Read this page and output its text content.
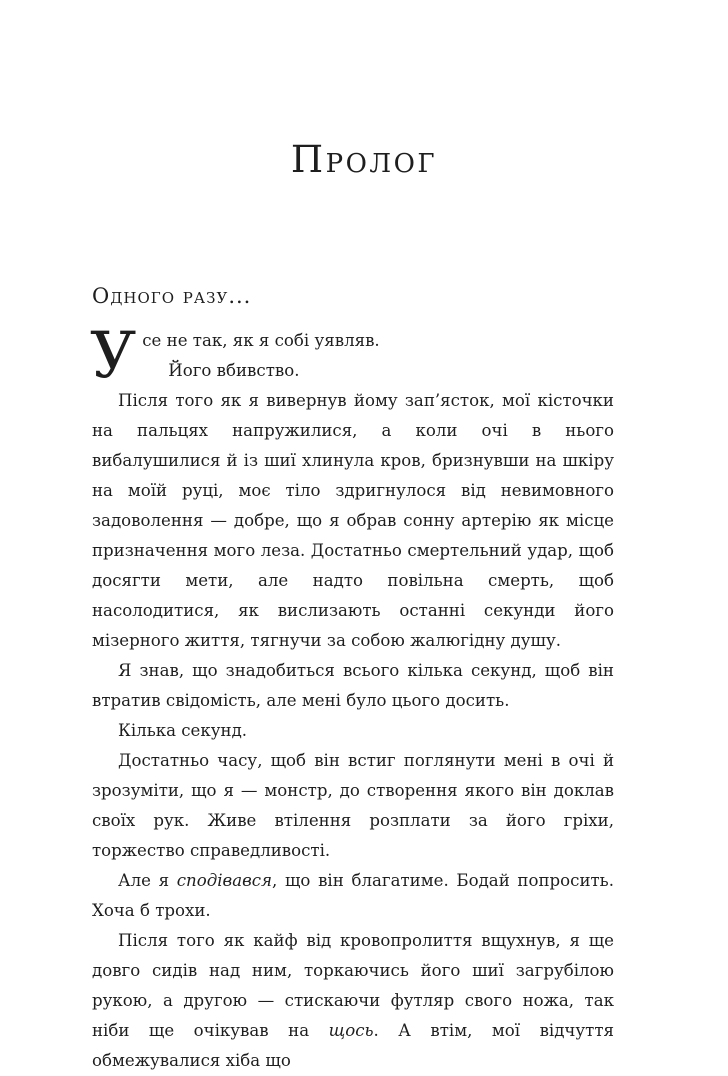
Пролог

Одного разу...

Усе не так, як я собі уявляв.

Його вбивство.

Після того як я вивернув йому зап’ясток, мої кісточки на пальцях напружилися, а коли очі в нього вибалушилися й із шиї хлинула кров, бризнувши на шкіру на моїй руці, моє тіло здригнулося від невимовного задоволення — добре, що я обрав сонну артерію як місце призначення мого леза. Достатньо смертельний удар, щоб досягти мети, але надто повільна смерть, щоб насолодитися, як вислизають останні секунди його мізерного життя, тягнучи за собою жалюгідну душу.

Я знав, що знадобиться всього кілька секунд, щоб він втратив свідомість, але мені було цього досить.

Кілька секунд.

Достатньо часу, щоб він встиг поглянути мені в очі й зрозуміти, що я — монстр, до створення якого він доклав своїх рук. Живе втілення розплати за його гріхи, торжество справедливості.

Але я сподівався, що він благатиме. Бодай попросить. Хоча б трохи.

Після того як кайф від кровопролиття вщухнув, я ще довго сидів над ним, торкаючись його шиї загрубілою рукою, а другою — стискаючи футляр свого ножа, так ніби ще очікував на щось. А втім, мої відчуття обмежувалися хіба що
